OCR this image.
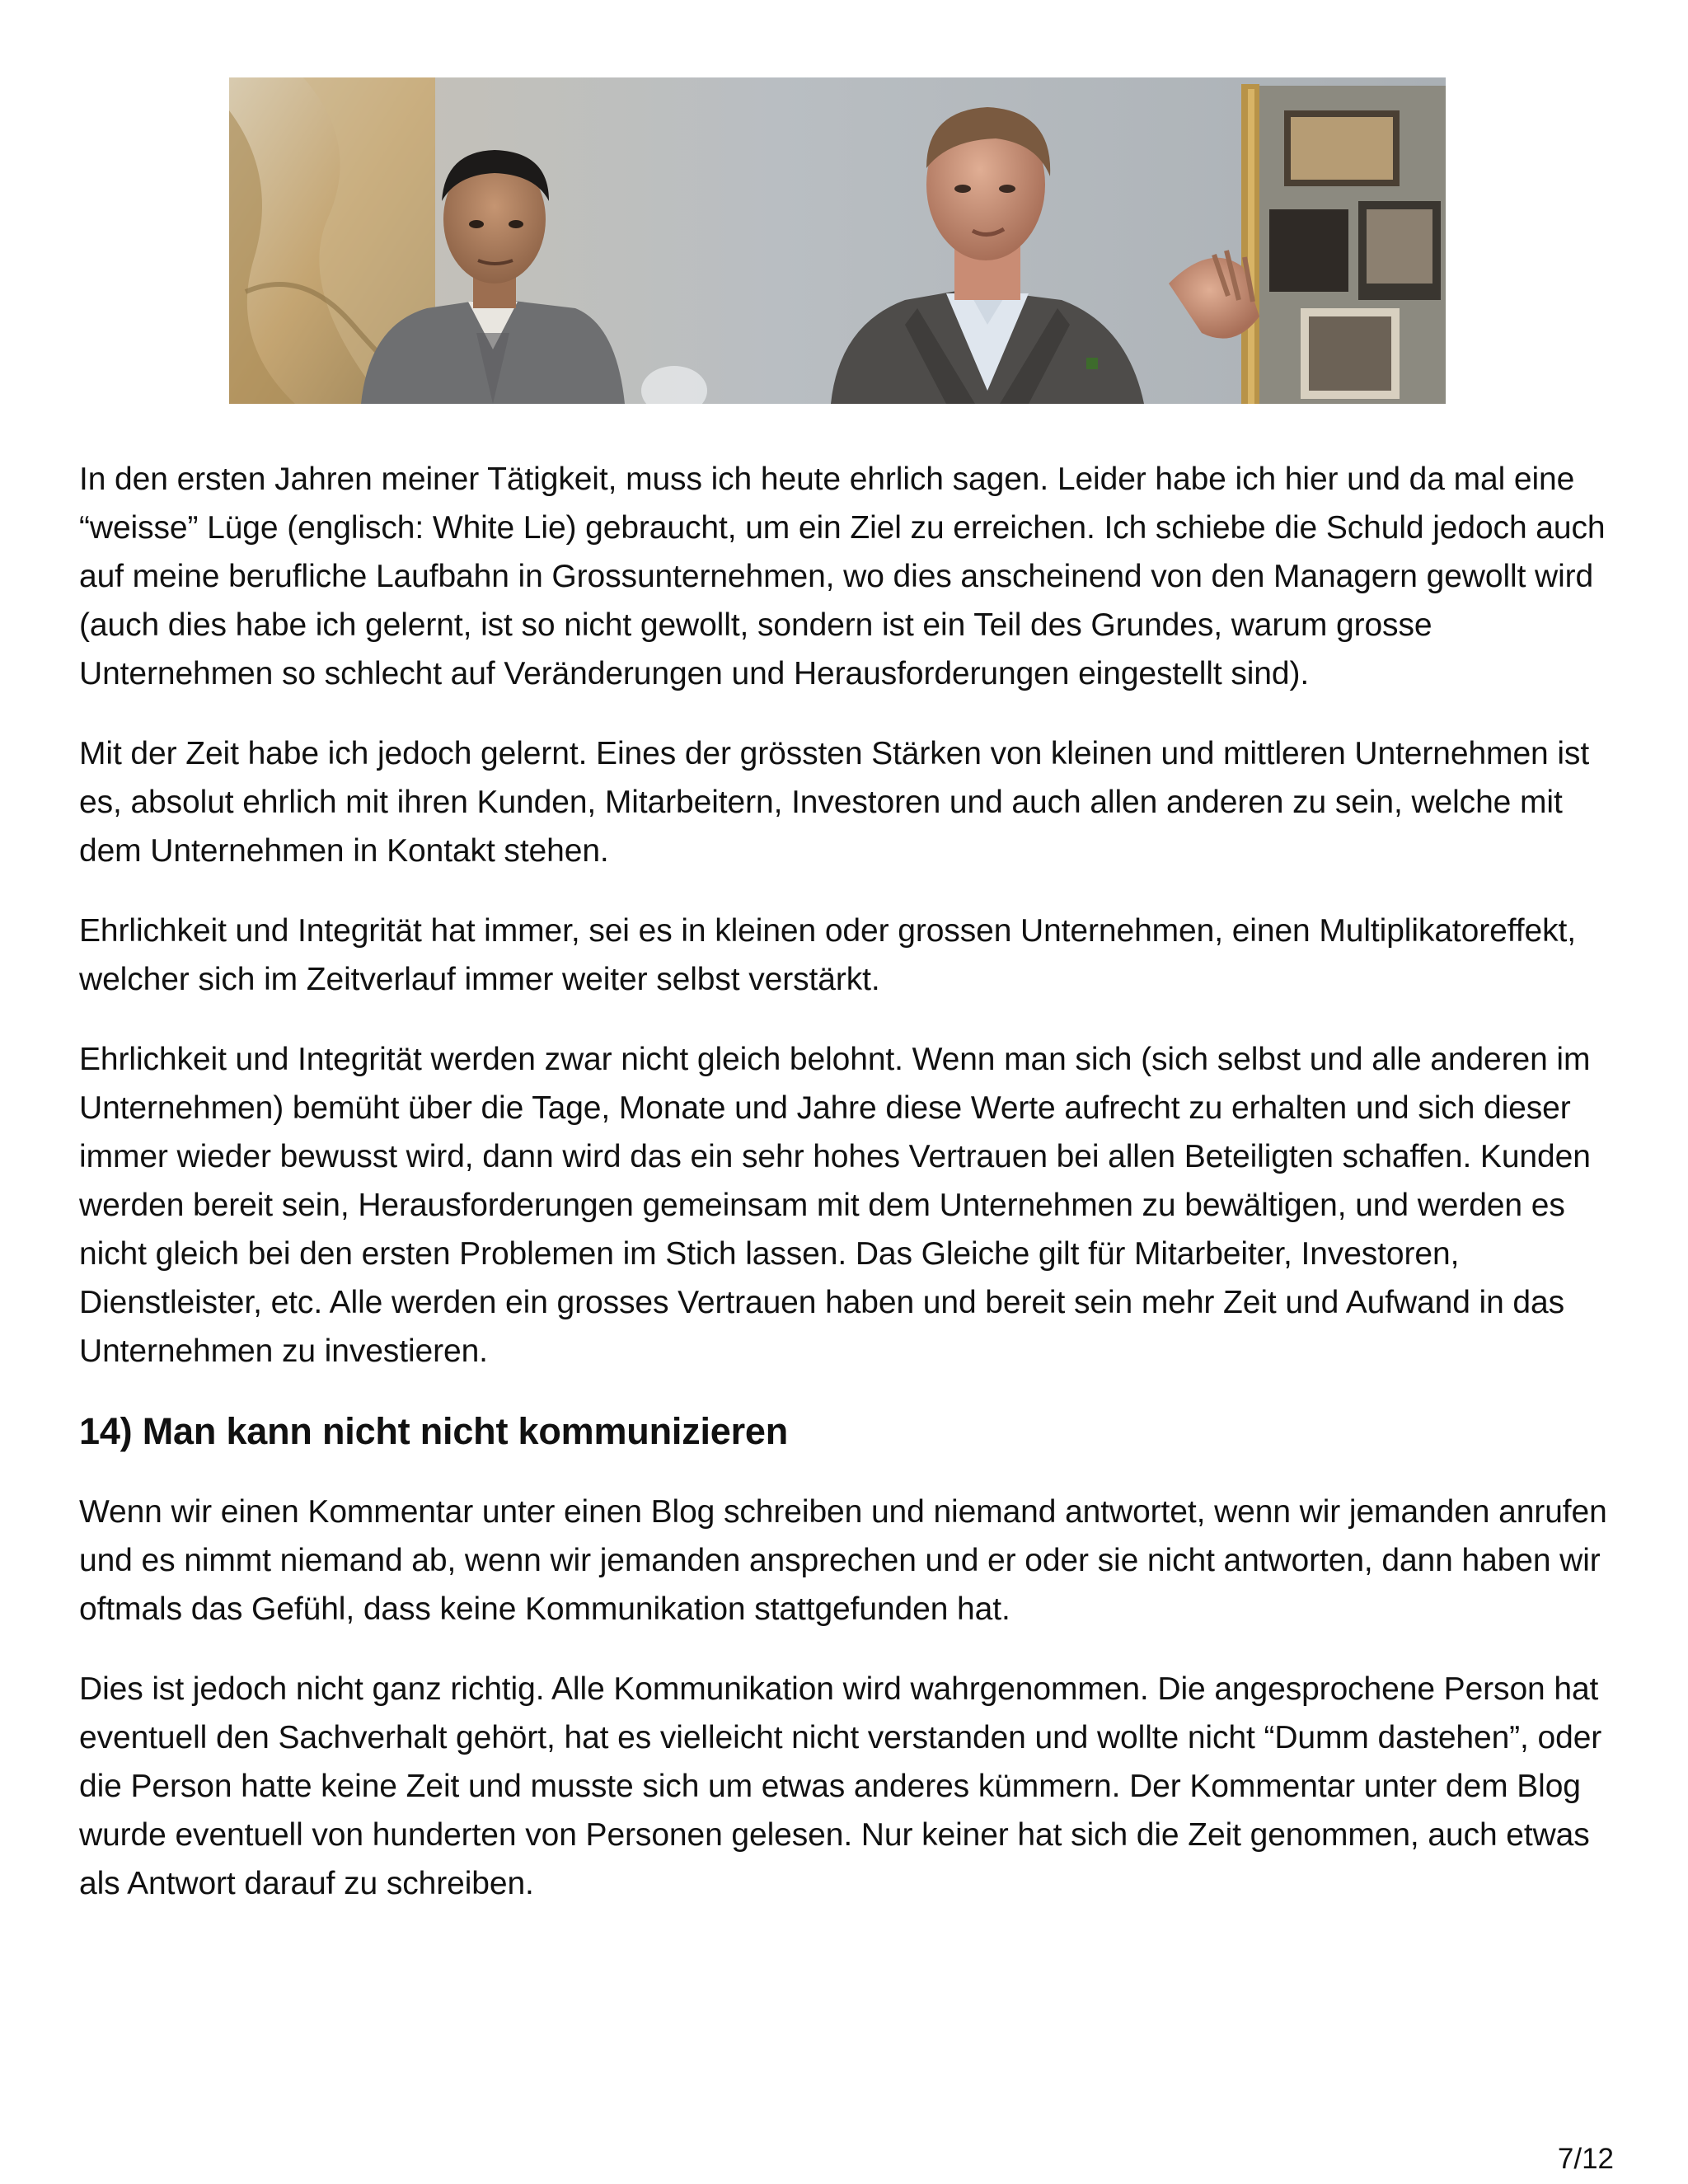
In den ersten Jahren meiner Tätigkeit, muss ich heute ehrlich sagen. Leider habe ich hier und da mal eine “weisse” Lüge (englisch: White Lie) gebraucht, um ein Ziel zu erreichen. Ich schiebe die Schuld jedoch auch auf meine berufliche Laufbahn in Grossunternehmen, wo dies anscheinend von den Managern gewollt wird (auch dies habe ich gelernt, ist so nicht gewollt, sondern ist ein Teil des Grundes, warum grosse Unternehmen so schlecht auf Veränderungen und Herausforderungen eingestellt sind).

Mit der Zeit habe ich jedoch gelernt. Eines der grössten Stärken von kleinen und mittleren Unternehmen ist es, absolut ehrlich mit ihren Kunden, Mitarbeitern, Investoren und auch allen anderen zu sein, welche mit dem Unternehmen in Kontakt stehen.

Ehrlichkeit und Integrität hat immer, sei es in kleinen oder grossen Unternehmen, einen Multiplikatoreffekt, welcher sich im Zeitverlauf immer weiter selbst verstärkt.

Ehrlichkeit und Integrität werden zwar nicht gleich belohnt. Wenn man sich (sich selbst und alle anderen im Unternehmen) bemüht über die Tage, Monate und Jahre diese Werte aufrecht zu erhalten und sich dieser immer wieder bewusst wird, dann wird das ein sehr hohes Vertrauen bei allen Beteiligten schaffen. Kunden werden bereit sein, Herausforderungen gemeinsam mit dem Unternehmen zu bewältigen, und werden es nicht gleich bei den ersten Problemen im Stich lassen. Das Gleiche gilt für Mitarbeiter, Investoren, Dienstleister, etc. Alle werden ein grosses Vertrauen haben und bereit sein mehr Zeit und Aufwand in das Unternehmen zu investieren.

14) Man kann nicht nicht kommunizieren

Wenn wir einen Kommentar unter einen Blog schreiben und niemand antwortet, wenn wir jemanden anrufen und es nimmt niemand ab, wenn wir jemanden ansprechen und er oder sie nicht antworten, dann haben wir oftmals das Gefühl, dass keine Kommunikation stattgefunden hat.

Dies ist jedoch nicht ganz richtig. Alle Kommunikation wird wahrgenommen. Die angesprochene Person hat eventuell den Sachverhalt gehört, hat es vielleicht nicht verstanden und wollte nicht “Dumm dastehen”, oder die Person hatte keine Zeit und musste sich um etwas anderes kümmern. Der Kommentar unter dem Blog wurde eventuell von hunderten von Personen gelesen. Nur keiner hat sich die Zeit genommen, auch etwas als Antwort darauf zu schreiben.

7/12
